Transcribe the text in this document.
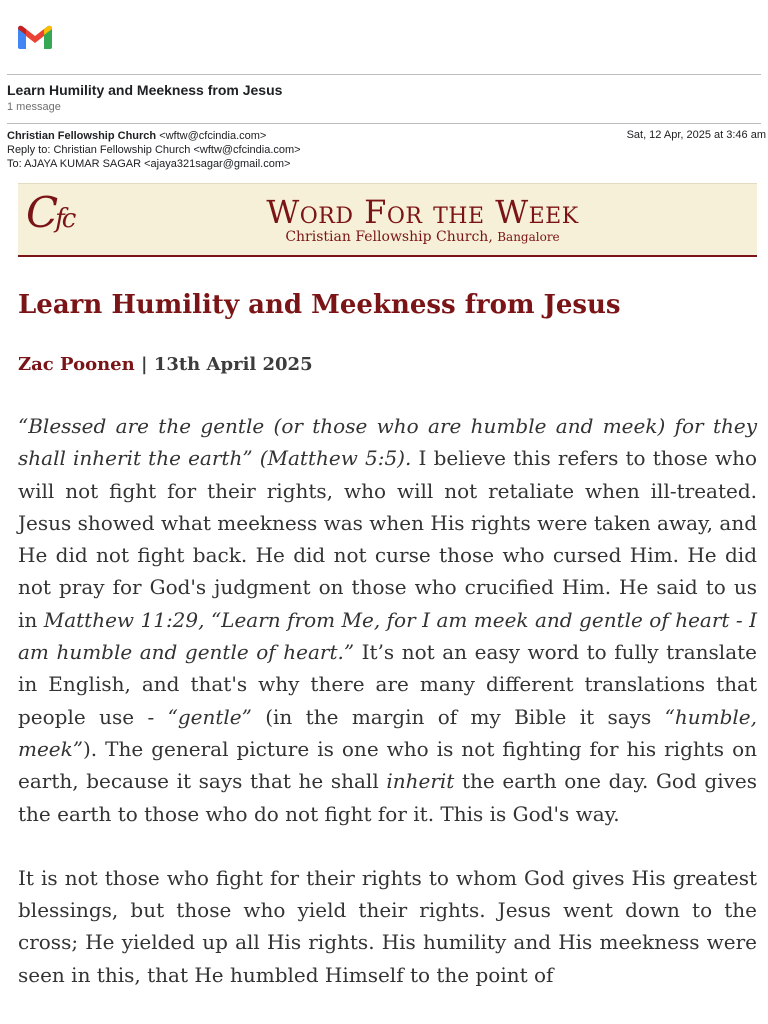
Learn Humility and Meekness from Jesus
1 message
Christian Fellowship Church <wftw@cfcindia.com>
Reply to: Christian Fellowship Church <wftw@cfcindia.com>
To: AJAYA KUMAR SAGAR <ajaya321sagar@gmail.com>
Sat, 12 Apr, 2025 at 3:46 am
Cfc	Word For the Week
Christian Fellowship Church, Bangalore
Learn Humility and Meekness from Jesus
Zac Poonen | 13th April 2025

“Blessed are the gentle (or those who are humble and meek) for they shall inherit the earth” (Matthew 5:5). I believe this refers to those who will not fight for their rights, who will not retaliate when ill-treated. Jesus showed what meekness was when His rights were taken away, and He did not fight back. He did not curse those who cursed Him. He did not pray for God's judgment on those who crucified Him. He said to us in Matthew 11:29, “Learn from Me, for I am meek and gentle of heart - I am humble and gentle of heart.” It’s not an easy word to fully translate in English, and that's why there are many different translations that people use - “gentle” (in the margin of my Bible it says “humble, meek”). The general picture is one who is not fighting for his rights on earth, because it says that he shall inherit the earth one day. God gives the earth to those who do not fight for it. This is God's way.

It is not those who fight for their rights to whom God gives His greatest blessings, but those who yield their rights. Jesus went down to the cross; He yielded up all His rights. His humility and His meekness were seen in this, that He humbled Himself to the point of
